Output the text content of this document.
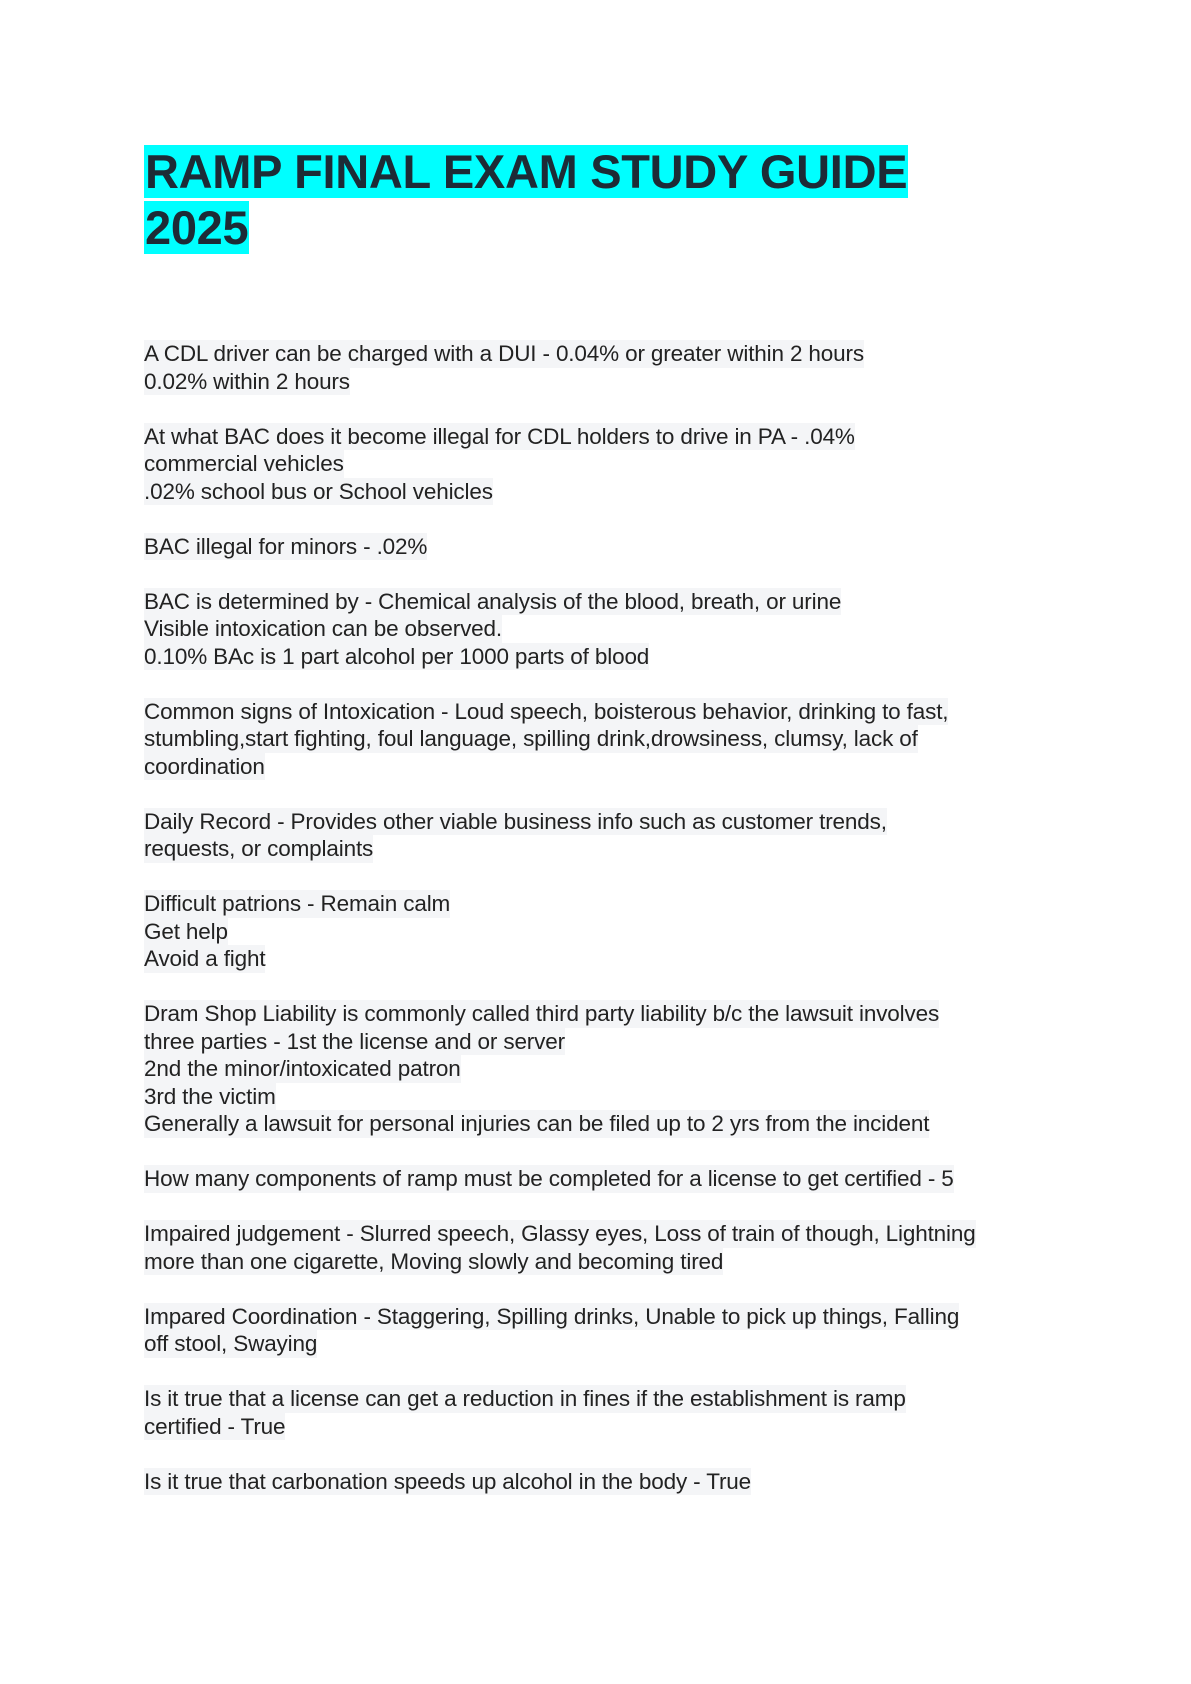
RAMP FINAL EXAM STUDY GUIDE
2025
A CDL driver can be charged with a DUI - 0.04% or greater within 2 hours
0.02% within 2 hours
At what BAC does it become illegal for CDL holders to drive in PA - .04%
commercial vehicles
.02% school bus or School vehicles
BAC illegal for minors - .02%
BAC is determined by - Chemical analysis of the blood, breath, or urine
Visible intoxication can be observed.
0.10% BAc is 1 part alcohol per 1000 parts of blood
Common signs of Intoxication - Loud speech, boisterous behavior, drinking to fast,
stumbling,start fighting, foul language, spilling drink,drowsiness, clumsy, lack of
coordination
Daily Record - Provides other viable business info such as customer trends,
requests, or complaints
Difficult patrions - Remain calm
Get help
Avoid a fight
Dram Shop Liability is commonly called third party liability b/c the lawsuit involves
three parties - 1st the license and or server
2nd the minor/intoxicated patron
3rd the victim
Generally a lawsuit for personal injuries can be filed up to 2 yrs from the incident
How many components of ramp must be completed for a license to get certified - 5
Impaired judgement - Slurred speech, Glassy eyes, Loss of train of though, Lightning
more than one cigarette, Moving slowly and becoming tired
Impared Coordination - Staggering, Spilling drinks, Unable to pick up things, Falling
off stool, Swaying
Is it true that a license can get a reduction in fines if the establishment is ramp
certified - True
Is it true that carbonation speeds up alcohol in the body - True
